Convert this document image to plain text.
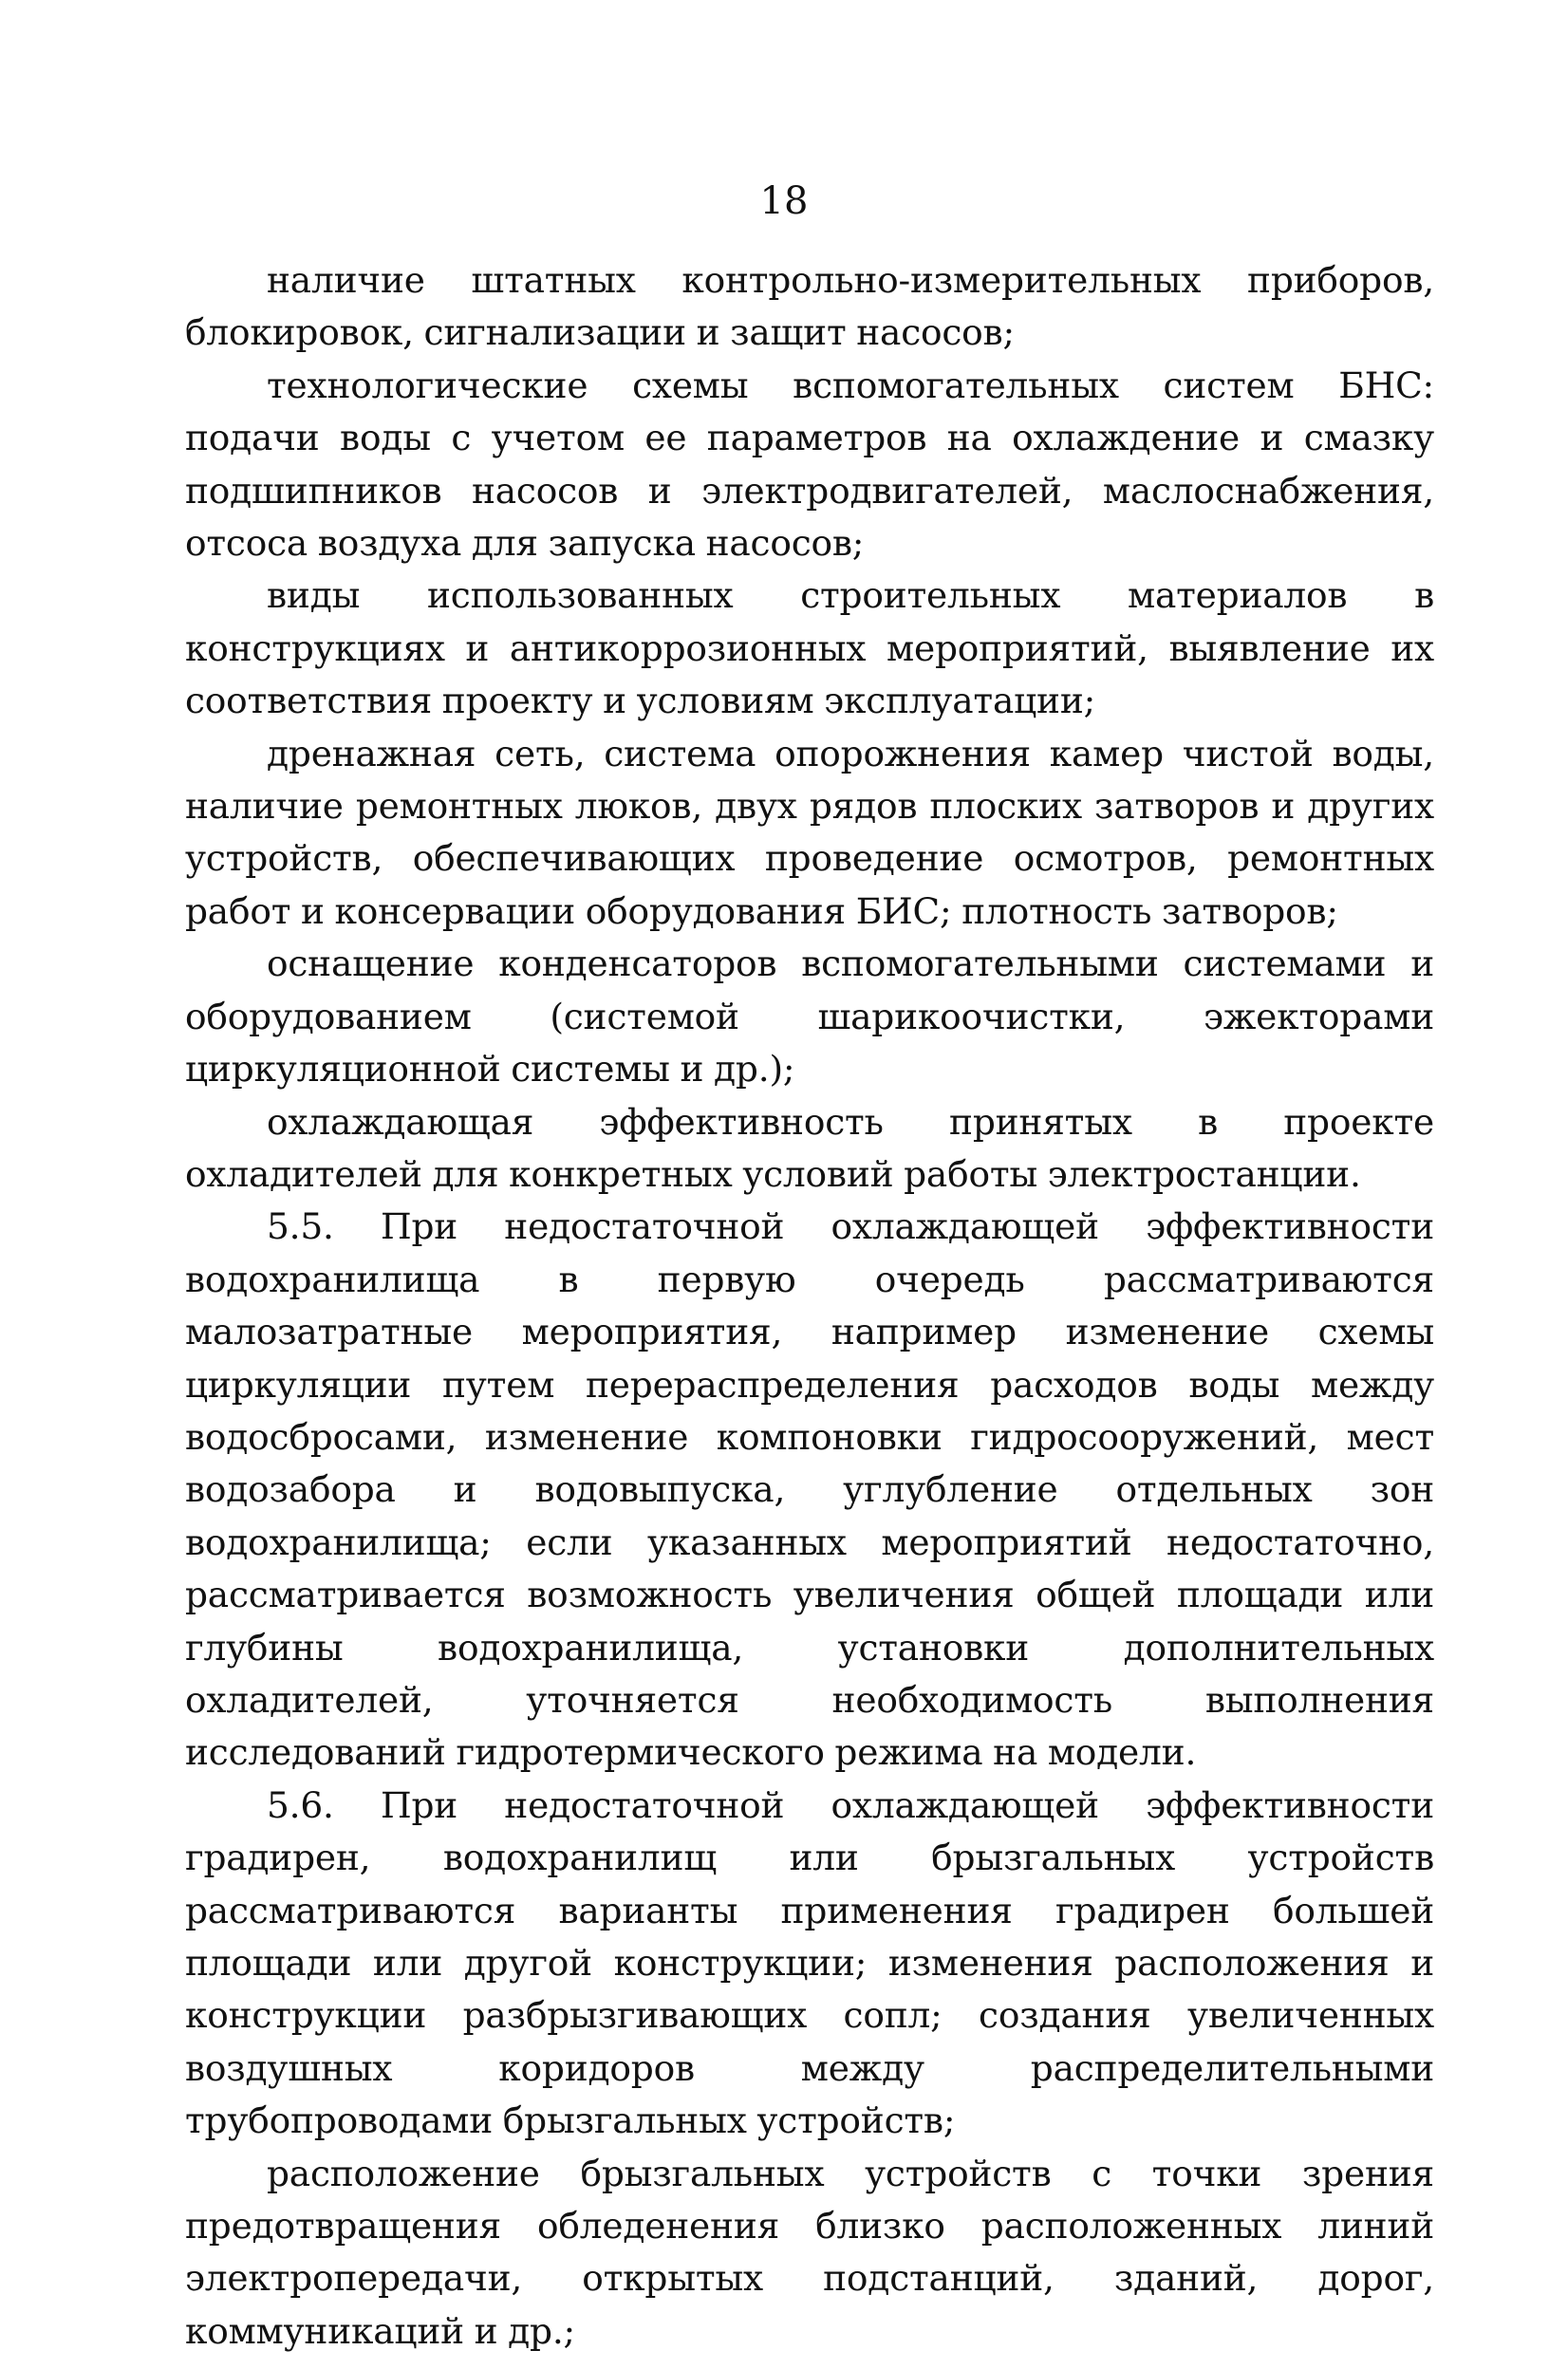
18

наличие штатных контрольно-измерительных приборов, блокировок, сигнализации и защит насосов;

технологические схемы вспомогательных систем БНС: подачи воды с учетом ее параметров на охлаждение и смазку подшипников насосов и электродвигателей, маслоснабжения, отсоса воздуха для запуска насосов;

виды использованных строительных материалов в конструкциях и антикоррозионных мероприятий, выявление их соответствия проекту и условиям эксплуатации;

дренажная сеть, система опорожнения камер чистой воды, наличие ремонтных люков, двух рядов плоских затворов и других устройств, обеспечивающих проведение осмотров, ремонтных работ и консервации оборудования БИС; плотность затворов;

оснащение конденсаторов вспомогательными системами и оборудованием (системой шарикоочистки, эжекторами циркуляционной системы и др.);

охлаждающая эффективность принятых в проекте охладителей для конкретных условий работы электростанции.

5.5. При недостаточной охлаждающей эффективности водохранилища в первую очередь рассматриваются малозатратные мероприятия, например изменение схемы циркуляции путем перераспределения расходов воды между водосбросами, изменение компоновки гидросооружений, мест водозабора и водовыпуска, углубление отдельных зон водохранилища; если указанных мероприятий недостаточно, рассматривается возможность увеличения общей площади или глубины водохранилища, установки дополнительных охладителей, уточняется необходимость выполнения исследований гидротермического режима на модели.

5.6. При недостаточной охлаждающей эффективности градирен, водохранилищ или брызгальных устройств рассматриваются варианты применения градирен большей площади или другой конструкции; изменения расположения и конструкции разбрызгивающих сопл; создания увеличенных воздушных коридоров между распределительными трубопроводами брызгальных устройств;

расположение брызгальных устройств с точки зрения предотвращения обледенения близко расположенных линий электропередачи, открытых подстанций, зданий, дорог, коммуникаций и др.;
